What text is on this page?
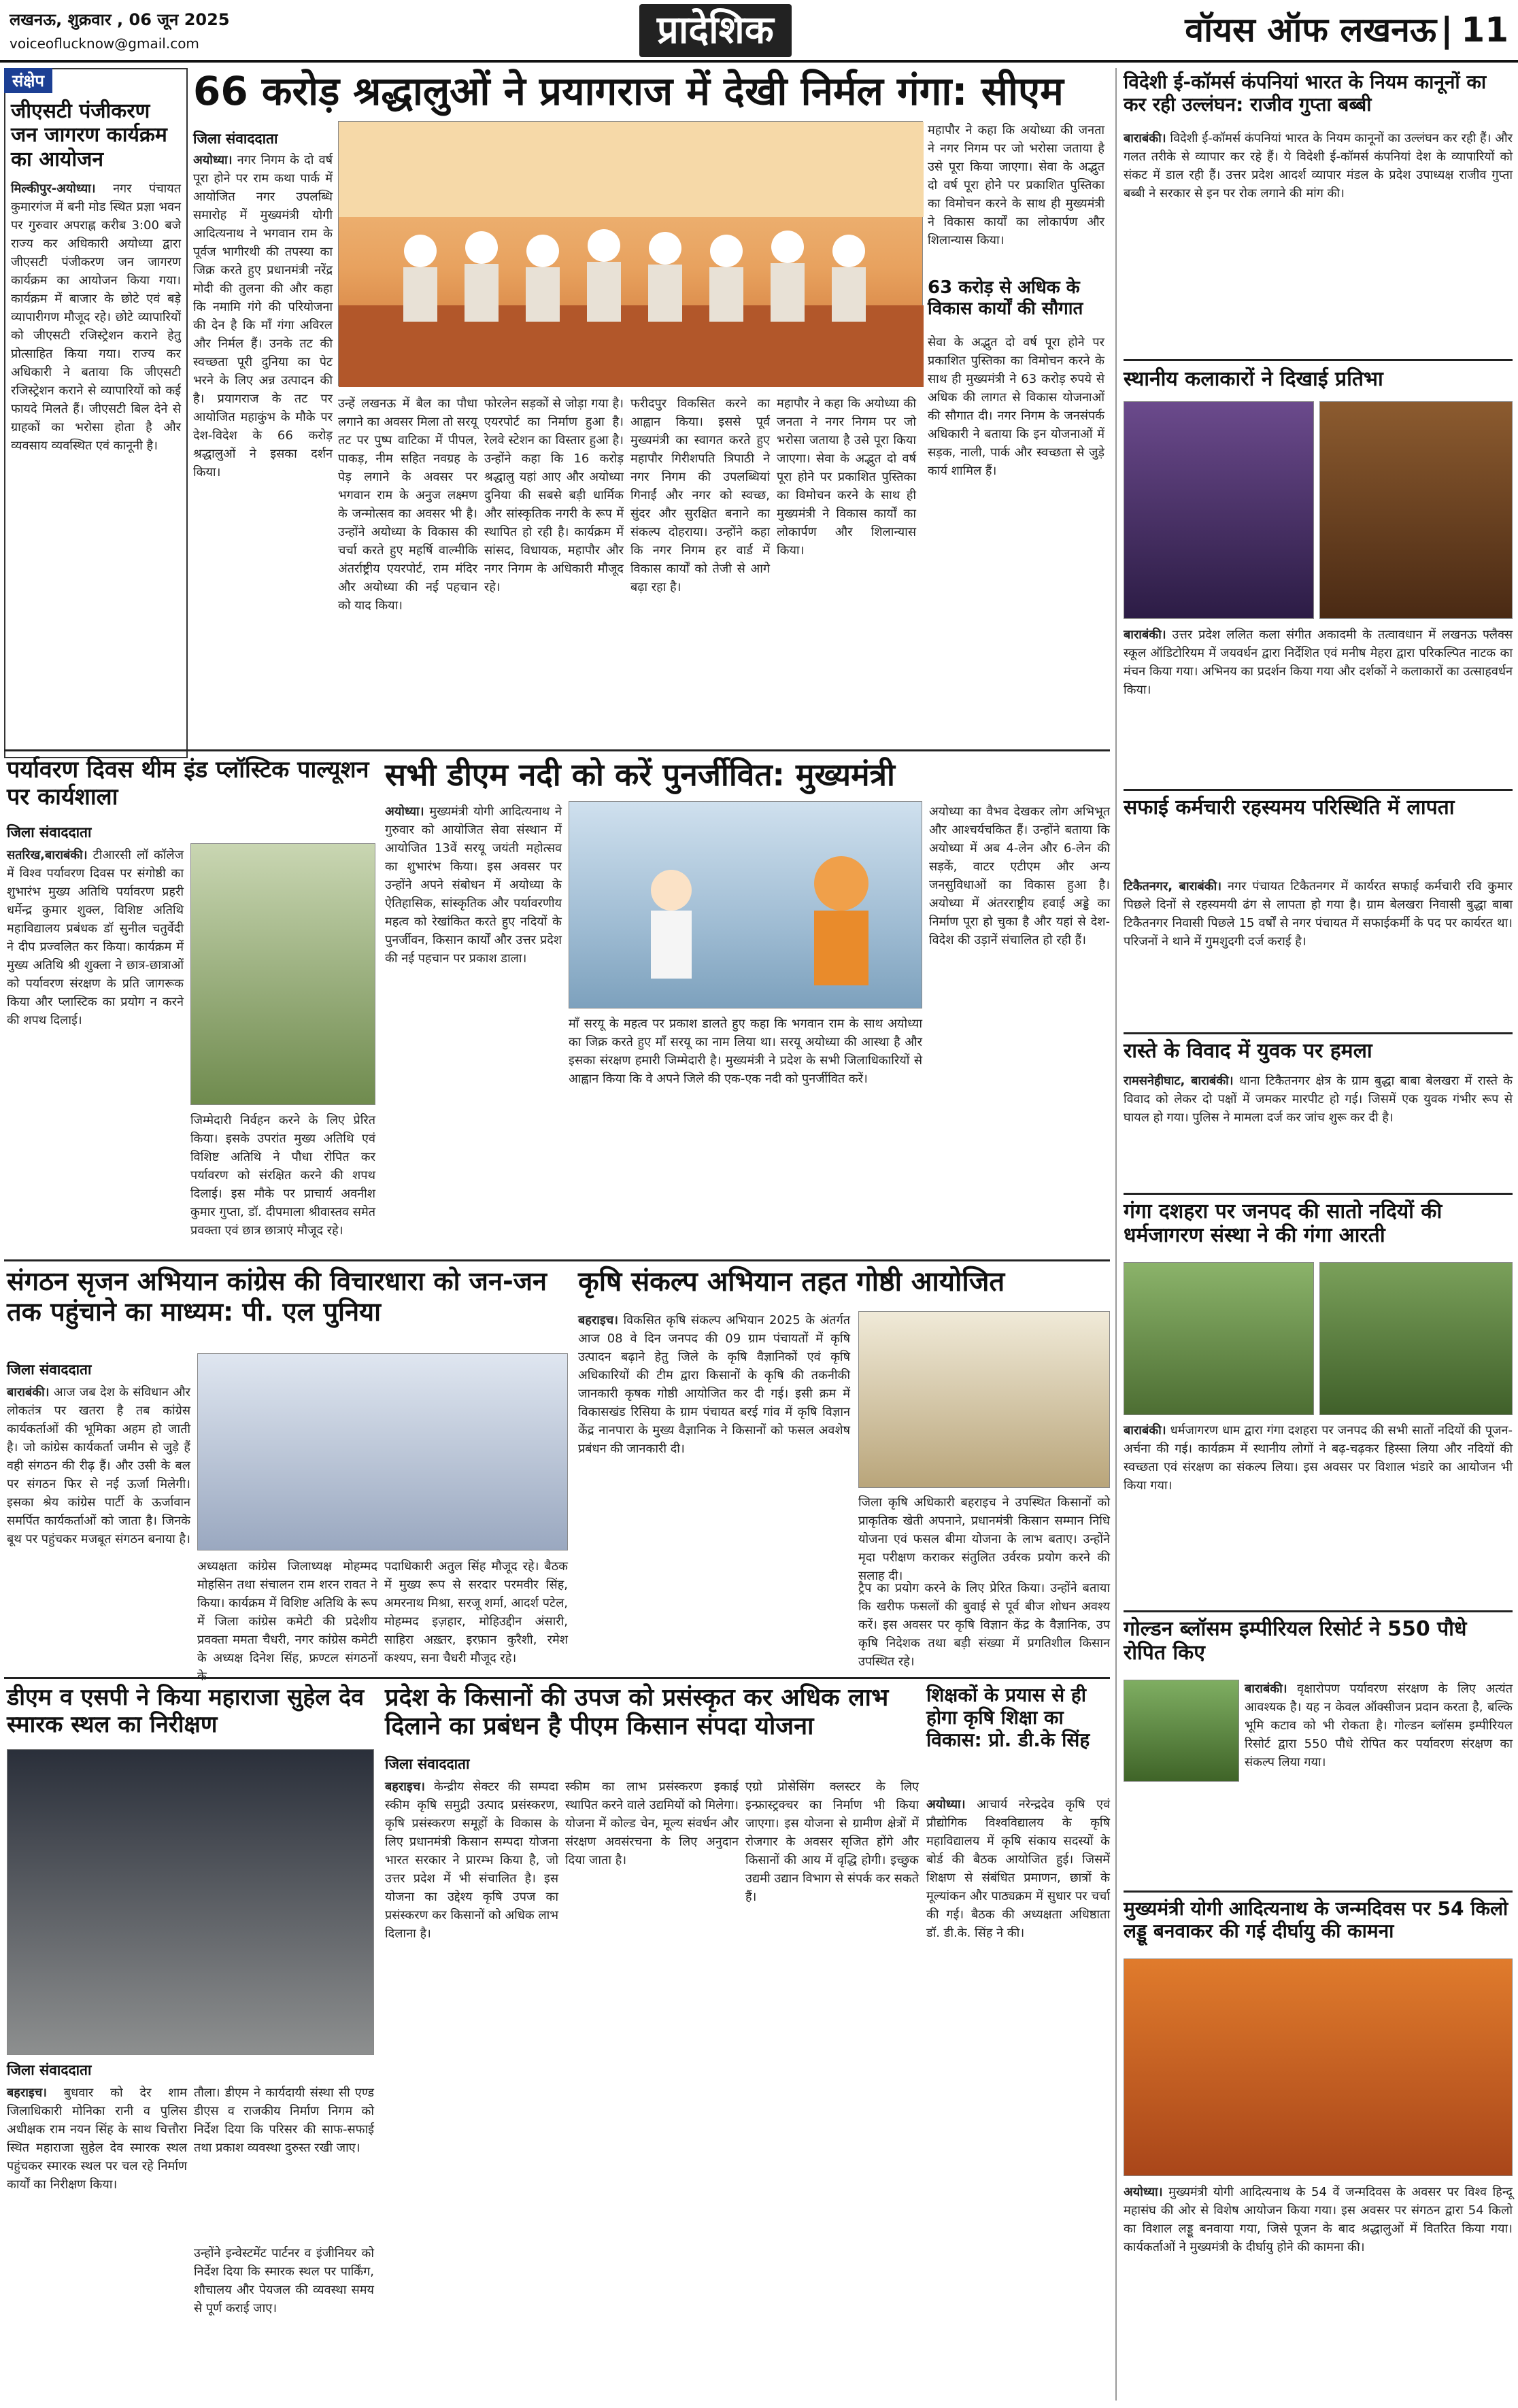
लखनऊ, शुक्रवार , 06 जून 2025
voiceoflucknow@gmail.com	प्रादेशिक	वॉयस ऑफ लखनऊ | 11
संक्षेप
जीएसटी पंजीकरण जन जागरण कार्यक्रम का आयोजन
मिल्कीपुर-अयोध्या। नगर पंचायत कुमारगंज में बनी मोड स्थित प्रज्ञा भवन पर गुरुवार अपराह्न करीब 3:00 बजे राज्य कर अधिकारी अयोध्या द्वारा जीएसटी पंजीकरण जन जागरण कार्यक्रम का आयोजन किया गया। कार्यक्रम में बाजार के छोटे एवं बड़े व्यापारीगण मौजूद रहे। छोटे व्यापारियों को जीएसटी रजिस्ट्रेशन कराने हेतु प्रोत्साहित किया गया। राज्य कर अधिकारी ने बताया कि जीएसटी रजिस्ट्रेशन कराने से व्यापारियों को कई फायदे मिलते हैं। जीएसटी बिल देने से ग्राहकों का भरोसा होता है और व्यवसाय व्यवस्थित एवं कानूनी है।
66 करोड़ श्रद्धालुओं ने प्रयागराज में देखी निर्मल गंगा: सीएम
जिला संवाददाता
अयोध्या। नगर निगम के दो वर्ष पूरा होने पर राम कथा पार्क में आयोजित नगर उपलब्धि समारोह में मुख्यमंत्री योगी आदित्यनाथ ने भगवान राम के पूर्वज भागीरथी की तपस्या का जिक्र करते हुए प्रधानमंत्री नरेंद्र मोदी की तुलना की और कहा कि नमामि गंगे की परियोजना की देन है कि माँ गंगा अविरल और निर्मल हैं। उनके तट की स्वच्छता पूरी दुनिया का पेट भरने के लिए अन्न उत्पादन की है। प्रयागराज के तट पर आयोजित महाकुंभ के मौके पर देश-विदेश के 66 करोड़ श्रद्धालुओं ने इसका दर्शन किया।
उन्हें लखनऊ में बैल का पौधा लगाने का अवसर मिला तो सरयू तट पर पुष्प वाटिका में पीपल, पाकड़, नीम सहित नवग्रह के पेड़ लगाने के अवसर पर भगवान राम के अनुज लक्ष्मण के जन्मोत्सव का अवसर भी है। उन्होंने अयोध्या के विकास की चर्चा करते हुए महर्षि वाल्मीकि अंतर्राष्ट्रीय एयरपोर्ट, राम मंदिर और अयोध्या की नई पहचान को याद किया।
फोरलेन सड़कों से जोड़ा गया है। एयरपोर्ट का निर्माण हुआ है। रेलवे स्टेशन का विस्तार हुआ है। उन्होंने कहा कि 16 करोड़ श्रद्धालु यहां आए और अयोध्या दुनिया की सबसे बड़ी धार्मिक और सांस्कृतिक नगरी के रूप में स्थापित हो रही है। कार्यक्रम में सांसद, विधायक, महापौर और नगर निगम के अधिकारी मौजूद रहे।
फरीदपुर विकसित करने का आह्वान किया। इससे पूर्व मुख्यमंत्री का स्वागत करते हुए महापौर गिरीशपति त्रिपाठी ने नगर निगम की उपलब्धियां गिनाईं और नगर को स्वच्छ, सुंदर और सुरक्षित बनाने का संकल्प दोहराया। उन्होंने कहा कि नगर निगम हर वार्ड में विकास कार्यों को तेजी से आगे बढ़ा रहा है।
महापौर ने कहा कि अयोध्या की जनता ने नगर निगम पर जो भरोसा जताया है उसे पूरा किया जाएगा। सेवा के अद्भुत दो वर्ष पूरा होने पर प्रकाशित पुस्तिका का विमोचन करने के साथ ही मुख्यमंत्री ने विकास कार्यों का लोकार्पण और शिलान्यास किया।
महापौर ने कहा कि अयोध्या की जनता ने नगर निगम पर जो भरोसा जताया है उसे पूरा किया जाएगा। सेवा के अद्भुत दो वर्ष पूरा होने पर प्रकाशित पुस्तिका का विमोचन करने के साथ ही मुख्यमंत्री ने विकास कार्यों का लोकार्पण और शिलान्यास किया।
63 करोड़ से अधिक के विकास कार्यों की सौगात
सेवा के अद्भुत दो वर्ष पूरा होने पर प्रकाशित पुस्तिका का विमोचन करने के साथ ही मुख्यमंत्री ने 63 करोड़ रुपये से अधिक की लागत से विकास योजनाओं की सौगात दी। नगर निगम के जनसंपर्क अधिकारी ने बताया कि इन योजनाओं में सड़क, नाली, पार्क और स्वच्छता से जुड़े कार्य शामिल हैं।
विदेशी ई-कॉमर्स कंपनियां भारत के नियम कानूनों का कर रही उल्लंघन: राजीव गुप्ता बब्बी
बाराबंकी। विदेशी ई-कॉमर्स कंपनियां भारत के नियम कानूनों का उल्लंघन कर रही हैं। और गलत तरीके से व्यापार कर रहे हैं। ये विदेशी ई-कॉमर्स कंपनियां देश के व्यापारियों को संकट में डाल रही हैं। उत्तर प्रदेश आदर्श व्यापार मंडल के प्रदेश उपाध्यक्ष राजीव गुप्ता बब्बी ने सरकार से इन पर रोक लगाने की मांग की।
स्थानीय कलाकारों ने दिखाई प्रतिभा
बाराबंकी। उत्तर प्रदेश ललित कला संगीत अकादमी के तत्वावधान में लखनऊ फ्लैक्स स्कूल ऑडिटोरियम में जयवर्धन द्वारा निर्देशित एवं मनीष मेहरा द्वारा परिकल्पित नाटक का मंचन किया गया। अभिनय का प्रदर्शन किया गया और दर्शकों ने कलाकारों का उत्साहवर्धन किया।
सफाई कर्मचारी रहस्यमय परिस्थिति में लापता
टिकैतनगर, बाराबंकी। नगर पंचायत टिकैतनगर में कार्यरत सफाई कर्मचारी रवि कुमार पिछले दिनों से रहस्यमयी ढंग से लापता हो गया है। ग्राम बेलखरा निवासी बुद्धा बाबा टिकैतनगर निवासी पिछले 15 वर्षों से नगर पंचायत में सफाईकर्मी के पद पर कार्यरत था। परिजनों ने थाने में गुमशुदगी दर्ज कराई है।
रास्ते के विवाद में युवक पर हमला
रामसनेहीघाट, बाराबंकी। थाना टिकैतनगर क्षेत्र के ग्राम बुद्धा बाबा बेलखरा में रास्ते के विवाद को लेकर दो पक्षों में जमकर मारपीट हो गई। जिसमें एक युवक गंभीर रूप से घायल हो गया। पुलिस ने मामला दर्ज कर जांच शुरू कर दी है।
गंगा दशहरा पर जनपद की सातो नदियों की धर्मजागरण संस्था ने की गंगा आरती
बाराबंकी। धर्मजागरण धाम द्वारा गंगा दशहरा पर जनपद की सभी सातों नदियों की पूजन-अर्चना की गई। कार्यक्रम में स्थानीय लोगों ने बढ़-चढ़कर हिस्सा लिया और नदियों की स्वच्छता एवं संरक्षण का संकल्प लिया। इस अवसर पर विशाल भंडारे का आयोजन भी किया गया।
गोल्डन ब्लॉसम इम्पीरियल रिसोर्ट ने 550 पौधे रोपित किए
बाराबंकी। वृक्षारोपण पर्यावरण संरक्षण के लिए अत्यंत आवश्यक है। यह न केवल ऑक्सीजन प्रदान करता है, बल्कि भूमि कटाव को भी रोकता है। गोल्डन ब्लॉसम इम्पीरियल रिसोर्ट द्वारा 550 पौधे रोपित कर पर्यावरण संरक्षण का संकल्प लिया गया।
मुख्यमंत्री योगी आदित्यनाथ के जन्मदिवस पर 54 किलो लड्डू बनवाकर की गई दीर्घायु की कामना
अयोध्या। मुख्यमंत्री योगी आदित्यनाथ के 54 वें जन्मदिवस के अवसर पर विश्व हिन्दू महासंघ की ओर से विशेष आयोजन किया गया। इस अवसर पर संगठन द्वारा 54 किलो का विशाल लड्डू बनवाया गया, जिसे पूजन के बाद श्रद्धालुओं में वितरित किया गया। कार्यकर्ताओं ने मुख्यमंत्री के दीर्घायु होने की कामना की।
पर्यावरण दिवस थीम इंड प्लॉस्टिक पाल्यूशन पर कार्यशाला
जिला संवाददाता
सतरिख,बाराबंकी। टीआरसी लॉ कॉलेज में विश्व पर्यावरण दिवस पर संगोष्ठी का शुभारंभ मुख्य अतिथि पर्यावरण प्रहरी धर्मेन्द्र कुमार शुक्ल, विशिष्ट अतिथि महाविद्यालय प्रबंधक डॉ सुनील चतुर्वेदी ने दीप प्रज्वलित कर किया। कार्यक्रम में मुख्य अतिथि श्री शुक्ला ने छात्र-छात्राओं को पर्यावरण संरक्षण के प्रति जागरूक किया और प्लास्टिक का प्रयोग न करने की शपथ दिलाई।
जिम्मेदारी निर्वहन करने के लिए प्रेरित किया। इसके उपरांत मुख्य अतिथि एवं विशिष्ट अतिथि ने पौधा रोपित कर पर्यावरण को संरक्षित करने की शपथ दिलाई। इस मौके पर प्राचार्य अवनीश कुमार गुप्ता, डॉ. दीपमाला श्रीवास्तव समेत प्रवक्ता एवं छात्र छात्राएं मौजूद रहे।
सभी डीएम नदी को करें पुनर्जीवित: मुख्यमंत्री
अयोध्या। मुख्यमंत्री योगी आदित्यनाथ ने गुरुवार को आयोजित सेवा संस्थान में आयोजित 13वें सरयू जयंती महोत्सव का शुभारंभ किया। इस अवसर पर उन्होंने अपने संबोधन में अयोध्या के ऐतिहासिक, सांस्कृतिक और पर्यावरणीय महत्व को रेखांकित करते हुए नदियों के पुनर्जीवन, किसान कार्यों और उत्तर प्रदेश की नई पहचान पर प्रकाश डाला।
माँ सरयू के महत्व पर प्रकाश डालते हुए कहा कि भगवान राम के साथ अयोध्या का जिक्र करते हुए माँ सरयू का नाम लिया था। सरयू अयोध्या की आस्था है और इसका संरक्षण हमारी जिम्मेदारी है। मुख्यमंत्री ने प्रदेश के सभी जिलाधिकारियों से आह्वान किया कि वे अपने जिले की एक-एक नदी को पुनर्जीवित करें।
अयोध्या का वैभव देखकर लोग अभिभूत और आश्चर्यचकित हैं। उन्होंने बताया कि अयोध्या में अब 4-लेन और 6-लेन की सड़कें, वाटर एटीएम और अन्य जनसुविधाओं का विकास हुआ है। अयोध्या में अंतरराष्ट्रीय हवाई अड्डे का निर्माण पूरा हो चुका है और यहां से देश-विदेश की उड़ानें संचालित हो रही हैं।
संगठन सृजन अभियान कांग्रेस की विचारधारा को जन-जन तक पहुंचाने का माध्यम: पी. एल पुनिया
जिला संवाददाता
बाराबंकी। आज जब देश के संविधान और लोकतंत्र पर खतरा है तब कांग्रेस कार्यकर्ताओं की भूमिका अहम हो जाती है। जो कांग्रेस कार्यकर्ता जमीन से जुड़े हैं वही संगठन की रीढ़ हैं। और उसी के बल पर संगठन फिर से नई ऊर्जा मिलेगी। इसका श्रेय कांग्रेस पार्टी के ऊर्जावान समर्पित कार्यकर्ताओं को जाता है। जिनके बूथ पर पहुंचकर मजबूत संगठन बनाया है।
अध्यक्षता कांग्रेस जिलाध्यक्ष मोहम्मद मोहसिन तथा संचालन राम शरन रावत ने किया। कार्यक्रम में विशिष्ट अतिथि के रूप में जिला कांग्रेस कमेटी की प्रदेशीय प्रवक्ता ममता चैधरी, नगर कांग्रेस कमेटी के अध्यक्ष दिनेश सिंह, फ्रण्टल संगठनों के
पदाधिकारी अतुल सिंह मौजूद रहे। बैठक में मुख्य रूप से सरदार परमवीर सिंह, अमरनाथ मिश्रा, सरजू शर्मा, आदर्श पटेल, मोहम्मद इज़हार, मोहिउद्दीन अंसारी, साहिरा अख़्तर, इरफ़ान कुरैशी, रमेश कश्यप, सना चैधरी मौजूद रहे।
कृषि संकल्प अभियान तहत गोष्ठी आयोजित
बहराइच। विकसित कृषि संकल्प अभियान 2025 के अंतर्गत आज 08 वे दिन जनपद की 09 ग्राम पंचायतों में कृषि उत्पादन बढ़ाने हेतु जिले के कृषि वैज्ञानिकों एवं कृषि अधिकारियों की टीम द्वारा किसानों के कृषि की तकनीकी जानकारी कृषक गोष्ठी आयोजित कर दी गई। इसी क्रम में विकासखंड रिसिया के ग्राम पंचायत बरई गांव में कृषि विज्ञान केंद्र नानपारा के मुख्य वैज्ञानिक ने किसानों को फसल अवशेष प्रबंधन की जानकारी दी।
जिला कृषि अधिकारी बहराइच ने उपस्थित किसानों को प्राकृतिक खेती अपनाने, प्रधानमंत्री किसान सम्मान निधि योजना एवं फसल बीमा योजना के लाभ बताए। उन्होंने मृदा परीक्षण कराकर संतुलित उर्वरक प्रयोग करने की सलाह दी।
ट्रैप का प्रयोग करने के लिए प्रेरित किया। उन्होंने बताया कि खरीफ फसलों की बुवाई से पूर्व बीज शोधन अवश्य करें। इस अवसर पर कृषि विज्ञान केंद्र के वैज्ञानिक, उप कृषि निदेशक तथा बड़ी संख्या में प्रगतिशील किसान उपस्थित रहे।
डीएम व एसपी ने किया महाराजा सुहेल देव स्मारक स्थल का निरीक्षण
जिला संवाददाता
बहराइच। बुधवार को देर शाम जिलाधिकारी मोनिका रानी व पुलिस अधीक्षक राम नयन सिंह के साथ चित्तौरा स्थित महाराजा सुहेल देव स्मारक स्थल पहुंचकर स्मारक स्थल पर चल रहे निर्माण कार्यों का निरीक्षण किया।
तौला। डीएम ने कार्यदायी संस्था सी एण्ड डीएस व राजकीय निर्माण निगम को निर्देश दिया कि परिसर की साफ-सफाई तथा प्रकाश व्यवस्था दुरुस्त रखी जाए।
उन्होंने इन्वेस्टमेंट पार्टनर व इंजीनियर को निर्देश दिया कि स्मारक स्थल पर पार्किंग, शौचालय और पेयजल की व्यवस्था समय से पूर्ण कराई जाए।
प्रदेश के किसानों की उपज को प्रसंस्कृत कर अधिक लाभ दिलाने का प्रबंधन है पीएम किसान संपदा योजना
जिला संवाददाता
बहराइच। केन्द्रीय सेक्टर की सम्पदा स्कीम कृषि समुद्री उत्पाद प्रसंस्करण, कृषि प्रसंस्करण समूहों के विकास के लिए प्रधानमंत्री किसान सम्पदा योजना भारत सरकार ने प्रारम्भ किया है, जो उत्तर प्रदेश में भी संचालित है। इस योजना का उद्देश्य कृषि उपज का प्रसंस्करण कर किसानों को अधिक लाभ दिलाना है।
स्कीम का लाभ प्रसंस्करण इकाई स्थापित करने वाले उद्यमियों को मिलेगा। योजना में कोल्ड चेन, मूल्य संवर्धन और संरक्षण अवसंरचना के लिए अनुदान दिया जाता है।
एग्रो प्रोसेसिंग क्लस्टर के लिए इन्फ्रास्ट्रक्चर का निर्माण भी किया जाएगा। इस योजना से ग्रामीण क्षेत्रों में रोजगार के अवसर सृजित होंगे और किसानों की आय में वृद्धि होगी। इच्छुक उद्यमी उद्यान विभाग से संपर्क कर सकते हैं।
शिक्षकों के प्रयास से ही होगा कृषि शिक्षा का विकास: प्रो. डी.के सिंह
अयोध्या। आचार्य नरेन्द्रदेव कृषि एवं प्रौद्योगिक विश्वविद्यालय के कृषि महाविद्यालय में कृषि संकाय सदस्यों के बोर्ड की बैठक आयोजित हुई। जिसमें शिक्षण से संबंधित प्रमाणन, छात्रों के मूल्यांकन और पाठ्यक्रम में सुधार पर चर्चा की गई। बैठक की अध्यक्षता अधिष्ठाता डॉ. डी.के. सिंह ने की।
